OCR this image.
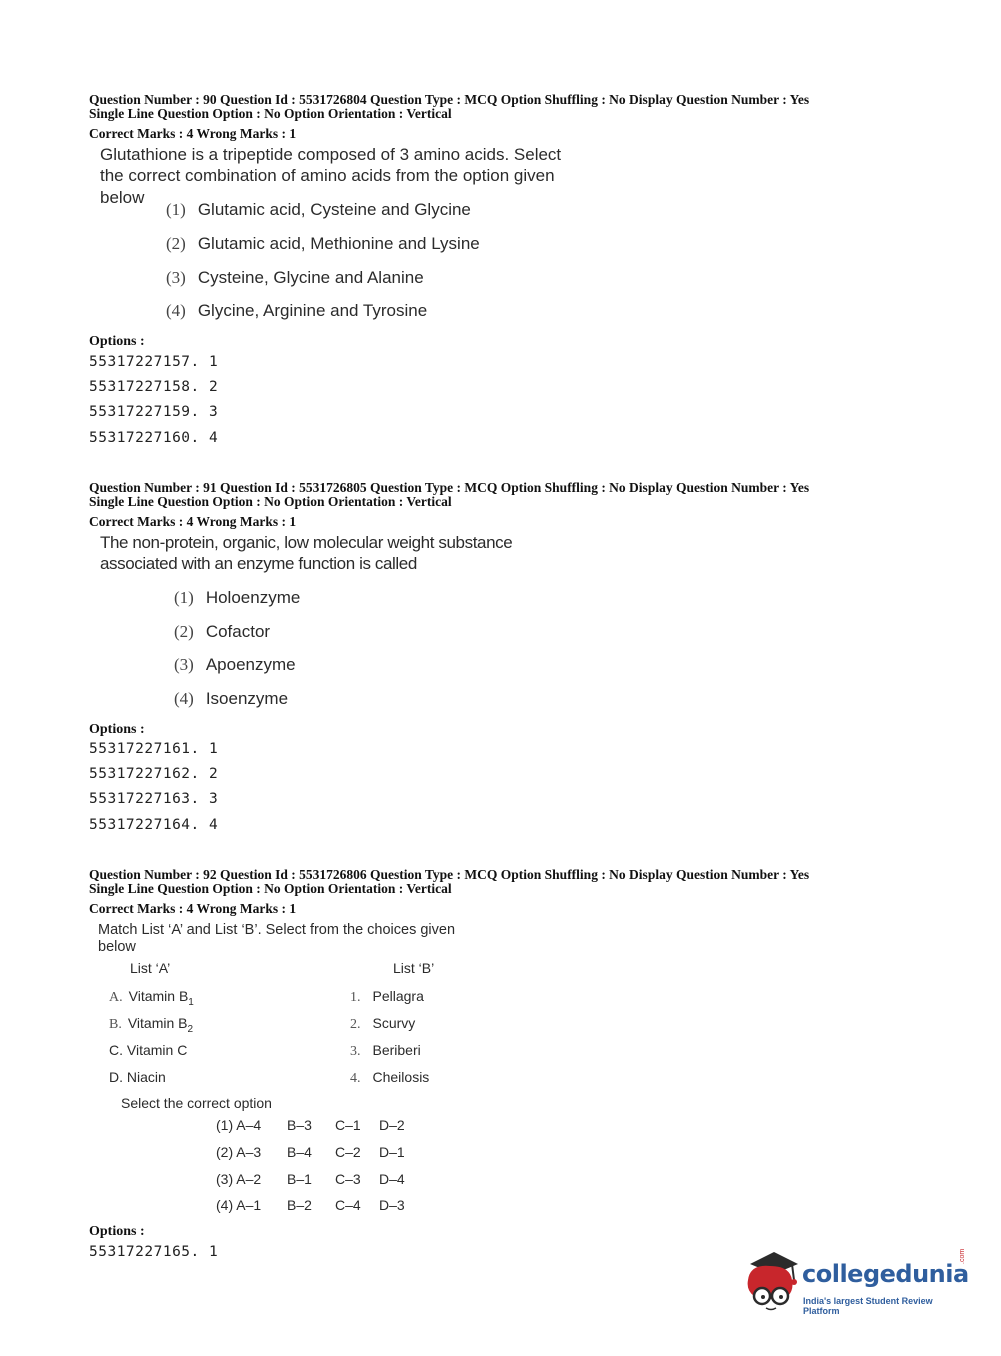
Question Number : 90 Question Id : 5531726804 Question Type : MCQ Option Shuffling : No Display Question Number : Yes
Single Line Question Option : No Option Orientation : Vertical
Correct Marks : 4 Wrong Marks : 1
Glutathione is a tripeptide composed of 3 amino acids. Select
the correct combination of amino acids from the option given
below
(1) Glutamic acid, Cysteine and Glycine
(2) Glutamic acid, Methionine and Lysine
(3) Cysteine, Glycine and Alanine
(4) Glycine, Arginine and Tyrosine
Options :
55317227157. 1
55317227158. 2
55317227159. 3
55317227160. 4
Question Number : 91 Question Id : 5531726805 Question Type : MCQ Option Shuffling : No Display Question Number : Yes
Single Line Question Option : No Option Orientation : Vertical
Correct Marks : 4 Wrong Marks : 1
The non-protein, organic, low molecular weight substance
associated with an enzyme function is called
(1) Holoenzyme
(2) Cofactor
(3) Apoenzyme
(4) Isoenzyme
Options :
55317227161. 1
55317227162. 2
55317227163. 3
55317227164. 4
Question Number : 92 Question Id : 5531726806 Question Type : MCQ Option Shuffling : No Display Question Number : Yes
Single Line Question Option : No Option Orientation : Vertical
Correct Marks : 4 Wrong Marks : 1
Match List ‘A’ and List ‘B’. Select from the choices given
below
List ‘A’	List ‘B’
A. Vitamin $B_1$
B. Vitamin $B_2$
C. Vitamin C
D. Niacin
1. Pellagra
2. Scurvy
3. Beriberi
4. Cheilosis
Select the correct option
(1) A–4 B–3 C–1 D–2
(2) A–3 B–4 C–2 D–1
(3) A–2 B–1 C–3 D–4
(4) A–1 B–2 C–4 D–3
Options :
55317227165. 1
collegedunia
.com
India's largest Student Review Platform
